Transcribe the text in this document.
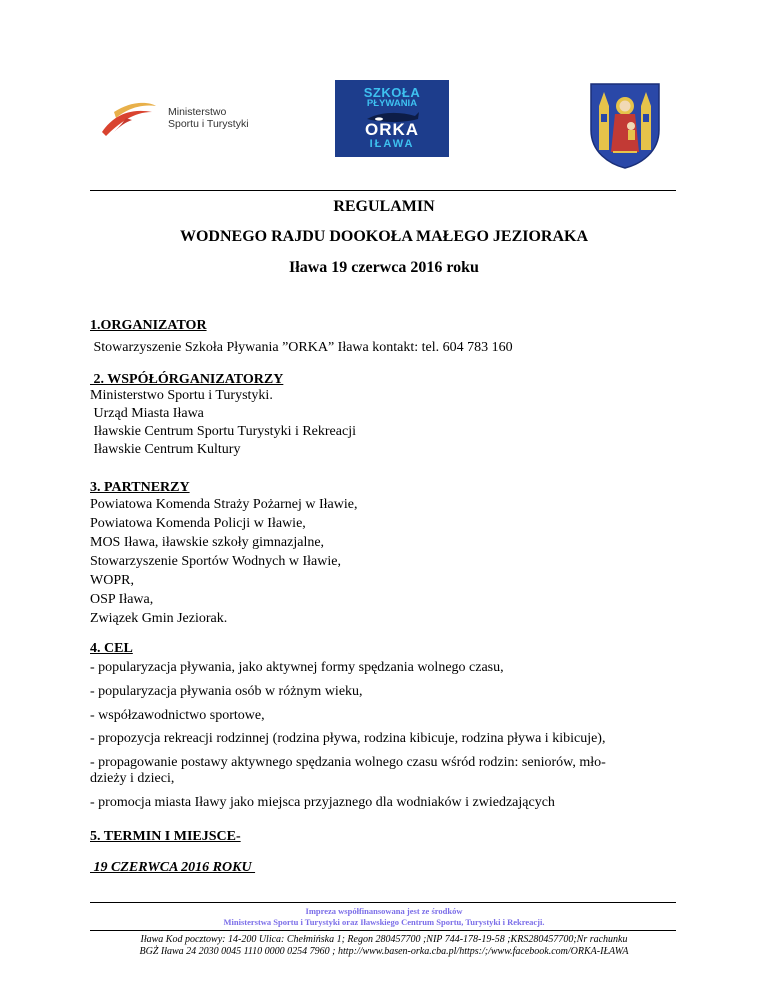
Ministerstwo
Sportu i Turystyki
SZKOŁA
PŁYWANIA
ORKA
IŁAWA
REGULAMIN
WODNEGO RAJDU DOOKOŁA MAŁEGO JEZIORAKA
Iława 19 czerwca 2016 roku
1.ORGANIZATOR
Stowarzyszenie Szkoła Pływania ”ORKA” Iława kontakt: tel. 604 783 160
2. WSPÓŁÓRGANIZATORZY
Ministerstwo Sportu i Turystyki.
Urząd Miasta Iława
Iławskie Centrum Sportu Turystyki i Rekreacji
Iławskie Centrum Kultury
3. PARTNERZY
Powiatowa Komenda Straży Pożarnej w Iławie,
Powiatowa Komenda Policji w Iławie,
MOS Iława, iławskie szkoły gimnazjalne,
Stowarzyszenie Sportów Wodnych w Iławie,
WOPR,
OSP Iława,
Związek Gmin Jeziorak.
4. CEL
- popularyzacja pływania, jako aktywnej formy spędzania wolnego czasu,
- popularyzacja pływania osób w różnym wieku,
- współzawodnictwo sportowe,
- propozycja rekreacji rodzinnej (rodzina pływa, rodzina kibicuje, rodzina pływa i kibicuje),
- propagowanie postawy aktywnego spędzania wolnego czasu wśród rodzin: seniorów, mło-
dzieży i dzieci,
- promocja miasta Iławy jako miejsca przyjaznego dla wodniaków i zwiedzających
5. TERMIN I MIEJSCE-
19 CZERWCA 2016 ROKU
Impreza współfinansowana jest ze środków
Ministerstwa Sportu i Turystyki oraz Iławskiego Centrum Sportu, Turystyki i Rekreacji.
Iława Kod pocztowy: 14-200 Ulica: Chełmińska 1; Regon 280457700 ;NIP 744-178-19-58 ;KRS280457700;Nr rachunku
BGŻ Iława 24 2030 0045 1110 0000 0254 7960 ; http://www.basen-orka.cba.pl/https:/;/www.facebook.com/ORKA-IŁAWA
